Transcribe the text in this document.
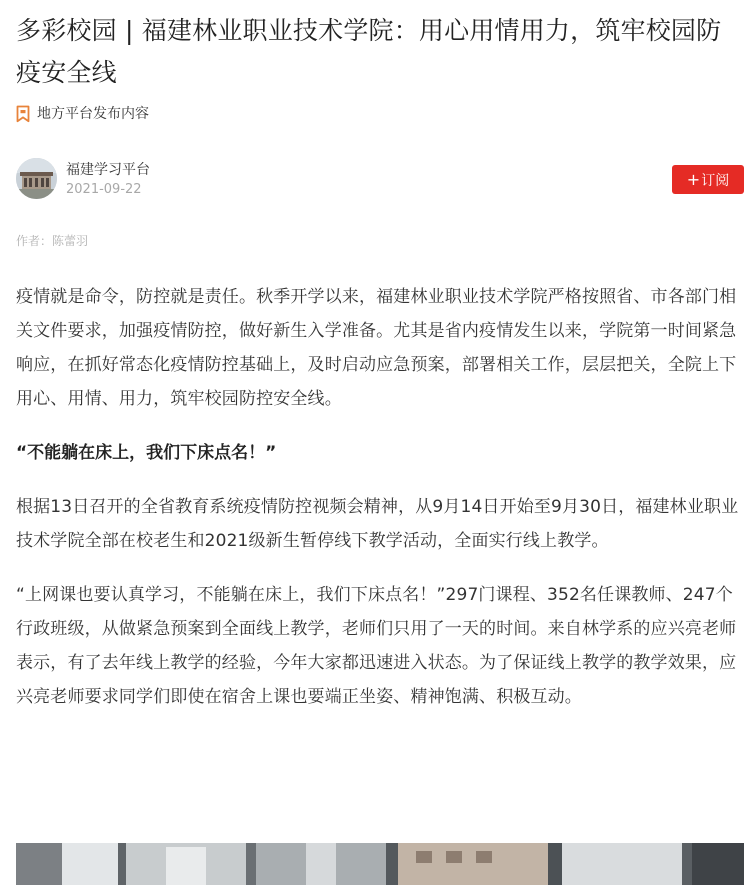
多彩校园 | 福建林业职业技术学院：用心用情用力，筑牢校园防疫安全线
地方平台发布内容
福建学习平台
2021-09-22
+订阅
作者：陈蕾羽

疫情就是命令，防控就是责任。秋季开学以来，福建林业职业技术学院严格按照省、市各部门相关文件要求，加强疫情防控，做好新生入学准备。尤其是省内疫情发生以来，学院第一时间紧急响应，在抓好常态化疫情防控基础上，及时启动应急预案，部署相关工作，层层把关，全院上下用心、用情、用力，筑牢校园防控安全线。

“不能躺在床上，我们下床点名！”

根据13日召开的全省教育系统疫情防控视频会精神，从9月14日开始至9月30日，福建林业职业技术学院全部在校老生和2021级新生暂停线下教学活动，全面实行线上教学。

“上网课也要认真学习，不能躺在床上，我们下床点名！”297门课程、352名任课教师、247个行政班级，从做紧急预案到全面线上教学，老师们只用了一天的时间。来自林学系的应兴亮老师表示，有了去年线上教学的经验，今年大家都迅速进入状态。为了保证线上教学的教学效果，应兴亮老师要求同学们即使在宿舍上课也要端正坐姿、精神饱满、积极互动。
